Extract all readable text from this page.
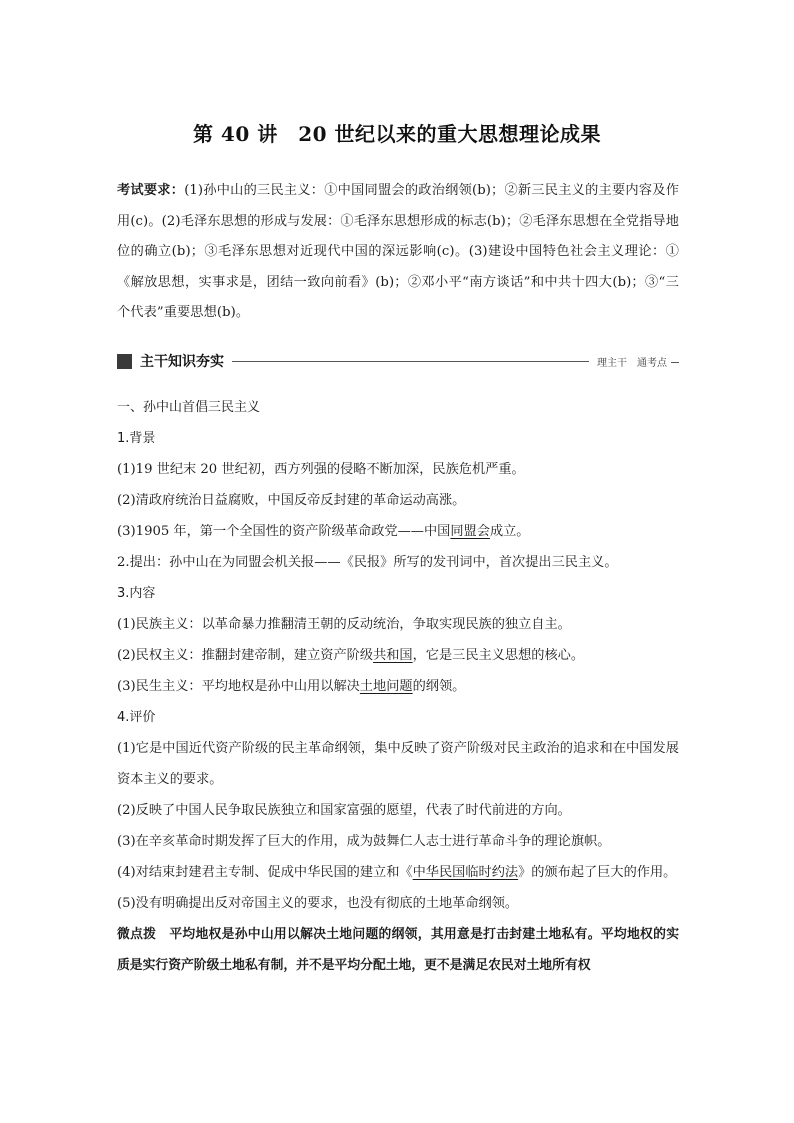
第 40 讲　20 世纪以来的重大思想理论成果
考试要求：(1)孙中山的三民主义：①中国同盟会的政治纲领(b)；②新三民主义的主要内容及作用(c)。(2)毛泽东思想的形成与发展：①毛泽东思想形成的标志(b)；②毛泽东思想在全党指导地位的确立(b)；③毛泽东思想对近现代中国的深远影响(c)。(3)建设中国特色社会主义理论：①《解放思想，实事求是，团结一致向前看》(b)；②邓小平“南方谈话”和中共十四大(b)；③“三个代表”重要思想(b)。
主干知识夯实	理主干　通考点

一、孙中山首倡三民主义

1.背景

(1)19 世纪末 20 世纪初，西方列强的侵略不断加深，民族危机严重。

(2)清政府统治日益腐败，中国反帝反封建的革命运动高涨。

(3)1905 年，第一个全国性的资产阶级革命政党——中国同盟会成立。

2.提出：孙中山在为同盟会机关报——《民报》所写的发刊词中，首次提出三民主义。

3.内容

(1)民族主义：以革命暴力推翻清王朝的反动统治，争取实现民族的独立自主。

(2)民权主义：推翻封建帝制，建立资产阶级共和国，它是三民主义思想的核心。

(3)民生主义：平均地权是孙中山用以解决土地问题的纲领。

4.评价

(1)它是中国近代资产阶级的民主革命纲领，集中反映了资产阶级对民主政治的追求和在中国发展资本主义的要求。

(2)反映了中国人民争取民族独立和国家富强的愿望，代表了时代前进的方向。

(3)在辛亥革命时期发挥了巨大的作用，成为鼓舞仁人志士进行革命斗争的理论旗帜。

(4)对结束封建君主专制、促成中华民国的建立和《中华民国临时约法》的颁布起了巨大的作用。

(5)没有明确提出反对帝国主义的要求，也没有彻底的土地革命纲领。

微点拨　 平均地权是孙中山用以解决土地问题的纲领，其用意是打击封建土地私有。平均地权的实质是实行资产阶级土地私有制，并不是平均分配土地，更不是满足农民对土地所有权
